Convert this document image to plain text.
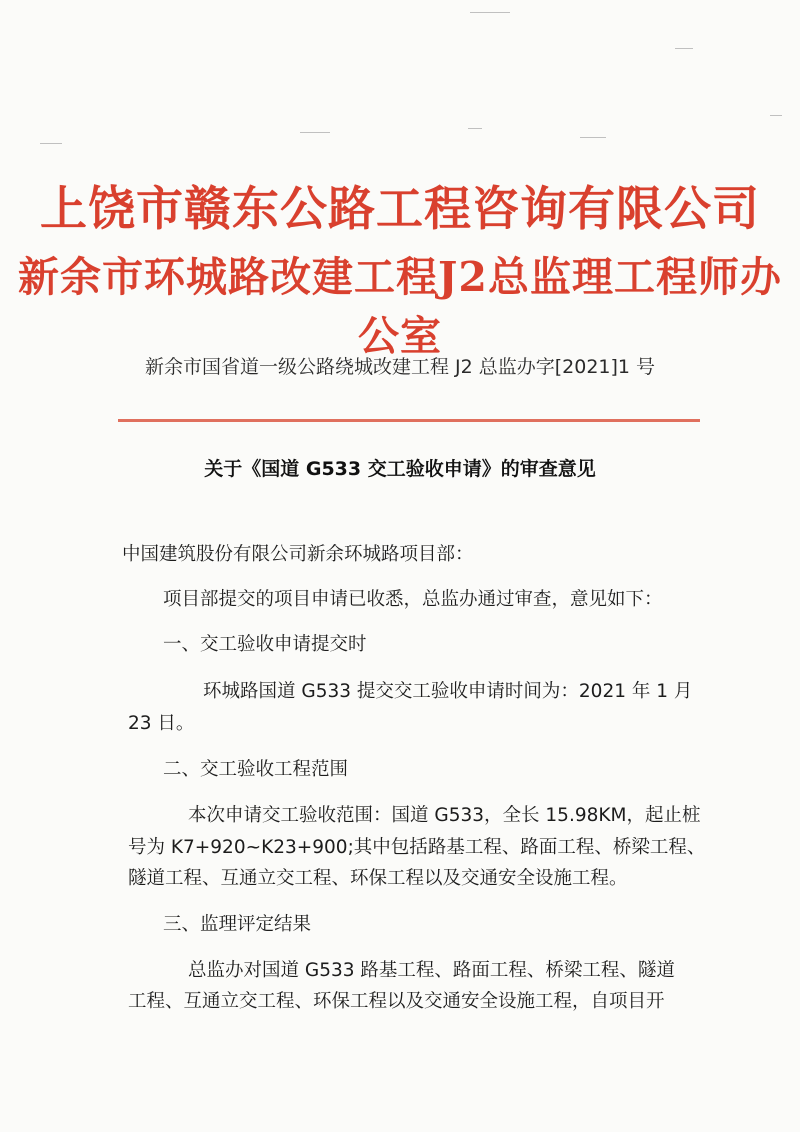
上饶市赣东公路工程咨询有限公司
新余市环城路改建工程J2总监理工程师办公室
新余市国省道一级公路绕城改建工程 J2 总监办字[2021]1 号
关于《国道 G533 交工验收申请》的审查意见
中国建筑股份有限公司新余环城路项目部：
项目部提交的项目申请已收悉，总监办通过审查，意见如下：
一、交工验收申请提交时
环城路国道 G533 提交交工验收申请时间为：2021 年 1 月
23 日。
二、交工验收工程范围
本次申请交工验收范围：国道 G533，全长 15.98KM，起止桩
号为 K7+920~K23+900;其中包括路基工程、路面工程、桥梁工程、
隧道工程、互通立交工程、环保工程以及交通安全设施工程。
三、监理评定结果
总监办对国道 G533 路基工程、路面工程、桥梁工程、隧道
工程、互通立交工程、环保工程以及交通安全设施工程，自项目开
